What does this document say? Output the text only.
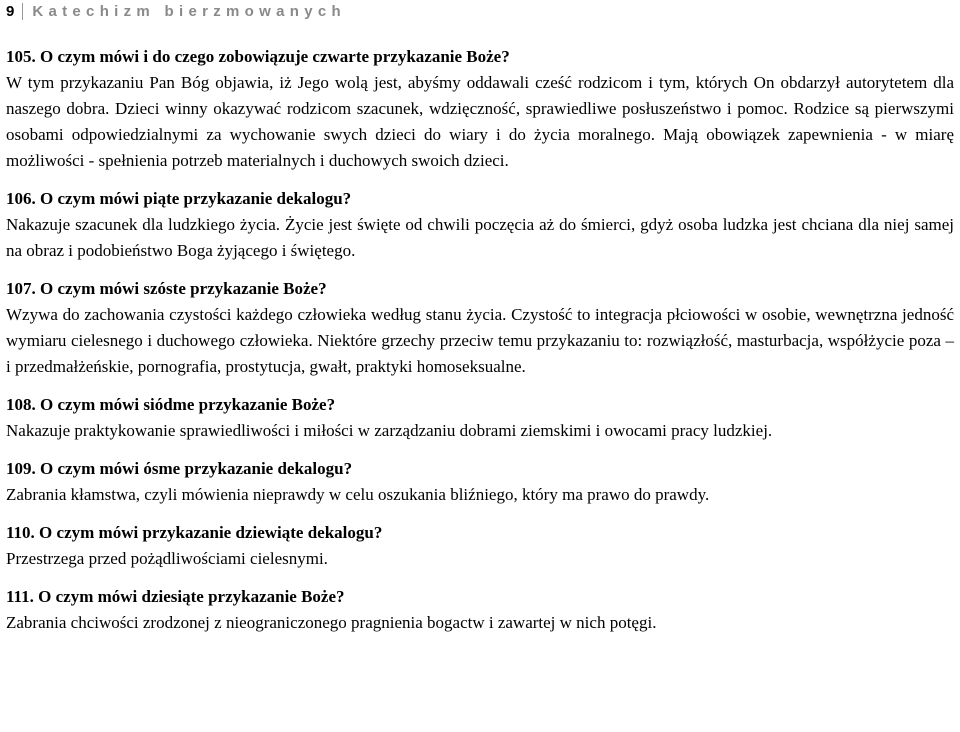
9	Katechizm bierzmowanych

105. O czym mówi i do czego zobowiązuje czwarte przykazanie Boże?

W tym przykazaniu Pan Bóg objawia, iż Jego wolą jest, abyśmy oddawali cześć rodzicom i tym, których On obdarzył autorytetem dla naszego dobra. Dzieci winny okazywać rodzicom szacunek, wdzięczność, sprawiedliwe posłuszeństwo i pomoc. Rodzice są pierwszymi osobami odpowiedzialnymi za wychowanie swych dzieci do wiary i do życia moralnego. Mają obowiązek zapewnienia - w miarę możliwości - spełnienia potrzeb materialnych i duchowych swoich dzieci.

106. O czym mówi piąte przykazanie dekalogu?

Nakazuje szacunek dla ludzkiego życia. Życie jest święte od chwili poczęcia aż do śmierci, gdyż osoba ludzka jest chciana dla niej samej na obraz i podobieństwo Boga żyjącego i świętego.

107. O czym mówi szóste przykazanie Boże?

Wzywa do zachowania czystości każdego człowieka według stanu życia. Czystość to integracja płciowości w osobie, wewnętrzna jedność wymiaru cielesnego i duchowego człowieka. Niektóre grzechy przeciw temu przykazaniu to: rozwiązłość, masturbacja, współżycie poza – i przedmałżeńskie, pornografia, prostytucja, gwałt, praktyki homoseksualne.

108. O czym mówi siódme przykazanie Boże?

Nakazuje praktykowanie sprawiedliwości i miłości w zarządzaniu dobrami ziemskimi i owocami pracy ludzkiej.

109. O czym mówi ósme przykazanie dekalogu?

Zabrania kłamstwa, czyli mówienia nieprawdy w celu oszukania bliźniego, który ma prawo do prawdy.

110. O czym mówi przykazanie dziewiąte dekalogu?

Przestrzega przed pożądliwościami cielesnymi.

111. O czym mówi dziesiąte przykazanie Boże?

Zabrania chciwości zrodzonej z nieograniczonego pragnienia bogactw i zawartej w nich potęgi.
